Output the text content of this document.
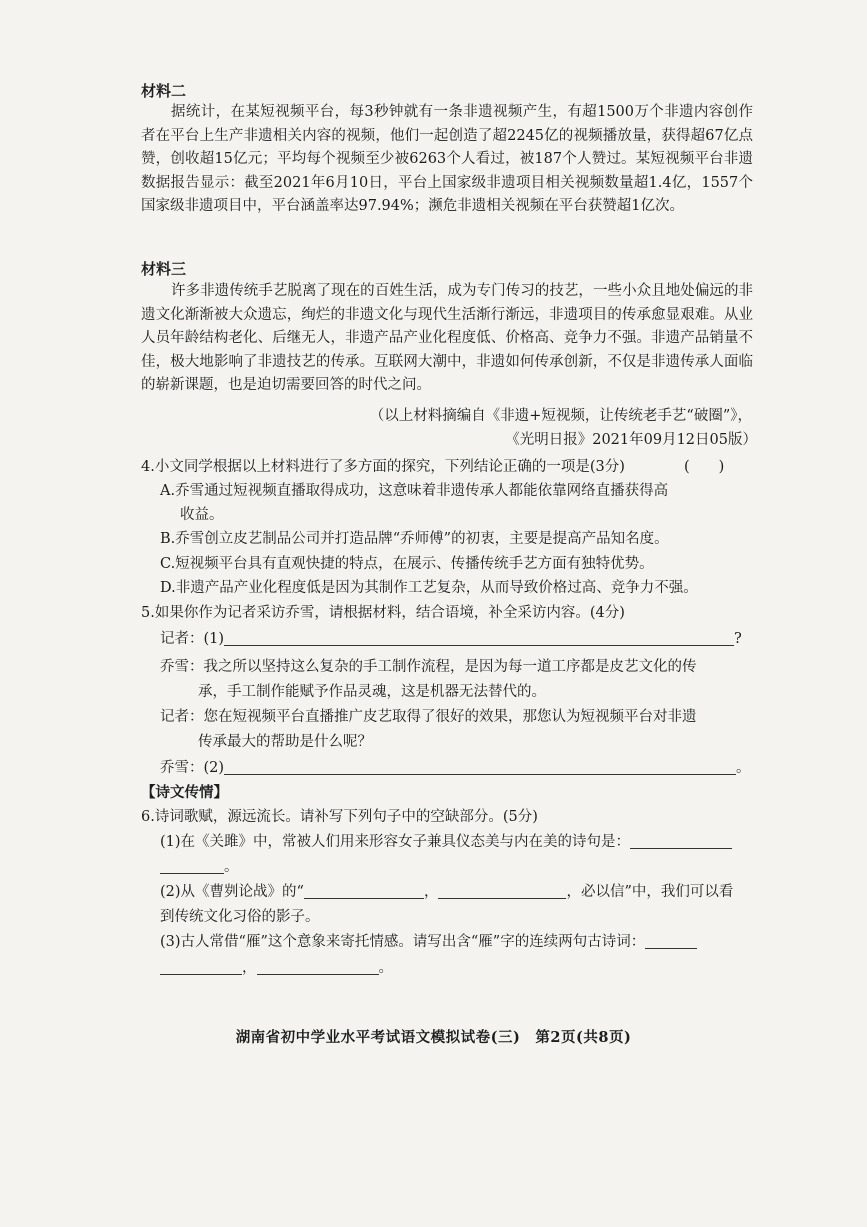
材料二
据统计，在某短视频平台，每3秒钟就有一条非遗视频产生，有超1500万个非遗内容创作者在平台上生产非遗相关内容的视频，他们一起创造了超2245亿的视频播放量，获得超67亿点赞，创收超15亿元；平均每个视频至少被6263个人看过，被187个人赞过。某短视频平台非遗数据报告显示：截至2021年6月10日，平台上国家级非遗项目相关视频数量超1.4亿，1557个国家级非遗项目中，平台涵盖率达97.94%；濒危非遗相关视频在平台获赞超1亿次。
材料三
许多非遗传统手艺脱离了现在的百姓生活，成为专门传习的技艺，一些小众且地处偏远的非遗文化渐渐被大众遗忘，绚烂的非遗文化与现代生活渐行渐远，非遗项目的传承愈显艰难。从业人员年龄结构老化、后继无人，非遗产品产业化程度低、价格高、竞争力不强。非遗产品销量不佳，极大地影响了非遗技艺的传承。互联网大潮中，非遗如何传承创新，不仅是非遗传承人面临的崭新课题，也是迫切需要回答的时代之问。
（以上材料摘编自《非遗+短视频，让传统老手艺“破圈”》，
《光明日报》2021年09月12日05版）
4.小文同学根据以上材料进行了多方面的探究，下列结论正确的一项是(3分)	(　　)
A.乔雪通过短视频直播取得成功，这意味着非遗传承人都能依靠网络直播获得高
收益。
B.乔雪创立皮艺制品公司并打造品牌“乔师傅”的初衷，主要是提高产品知名度。
C.短视频平台具有直观快捷的特点，在展示、传播传统手艺方面有独特优势。
D.非遗产品产业化程度低是因为其制作工艺复杂，从而导致价格过高、竞争力不强。
5.如果你作为记者采访乔雪，请根据材料，结合语境，补全采访内容。(4分)
记者：(1)	?
乔雪：我之所以坚持这么复杂的手工制作流程，是因为每一道工序都是皮艺文化的传
承，手工制作能赋予作品灵魂，这是机器无法替代的。
记者：您在短视频平台直播推广皮艺取得了很好的效果，那您认为短视频平台对非遗
传承最大的帮助是什么呢？
乔雪：(2)	。
【诗文传情】
6.诗词歌赋，源远流长。请补写下列句子中的空缺部分。(5分)
(1)在《关雎》中，常被人们用来形容女子兼具仪态美与内在美的诗句是：
。
(2)从《曹刿论战》的“	，	，必以信”中，我们可以看
到传统文化习俗的影子。
(3)古人常借“雁”这个意象来寄托情感。请写出含“雁”字的连续两句古诗词：
，	。
湖南省初中学业水平考试语文模拟试卷(三)　第2页(共8页)
